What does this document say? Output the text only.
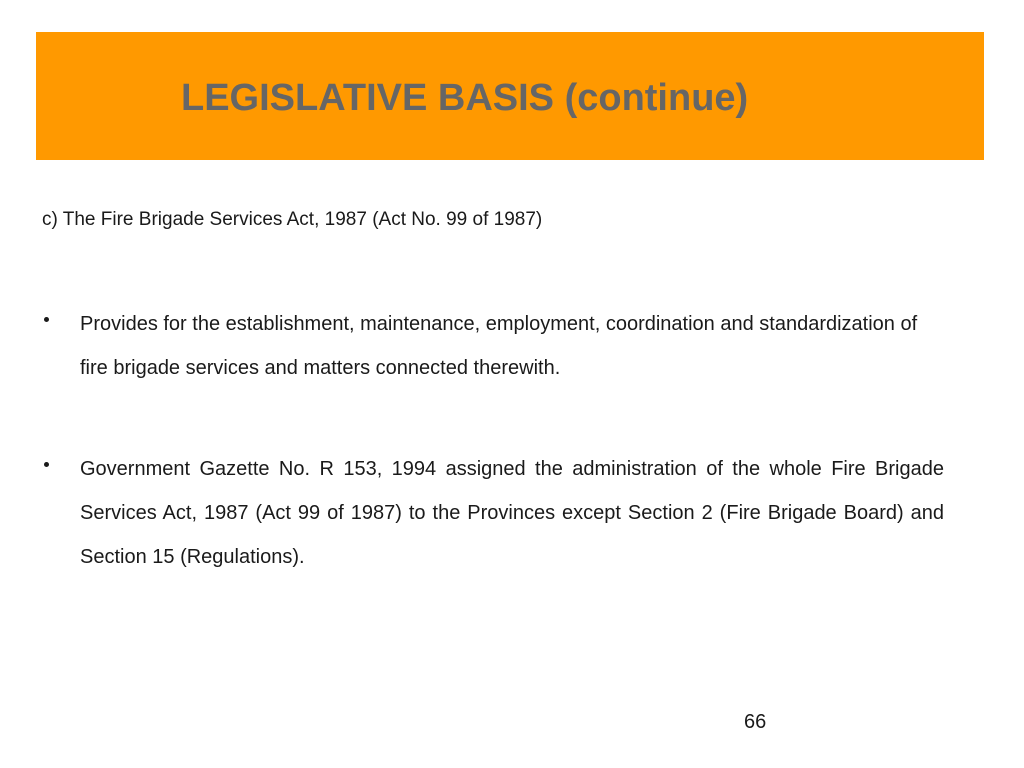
LEGISLATIVE BASIS (continue)

c) The Fire Brigade Services Act, 1987 (Act No. 99 of 1987)

Provides for the establishment, maintenance, employment, coordination and standardization of fire brigade services and matters connected therewith.

Government Gazette No. R 153, 1994 assigned the administration of the whole Fire Brigade Services Act, 1987 (Act 99 of 1987) to the Provinces except Section 2 (Fire Brigade Board) and Section 15 (Regulations).

66
